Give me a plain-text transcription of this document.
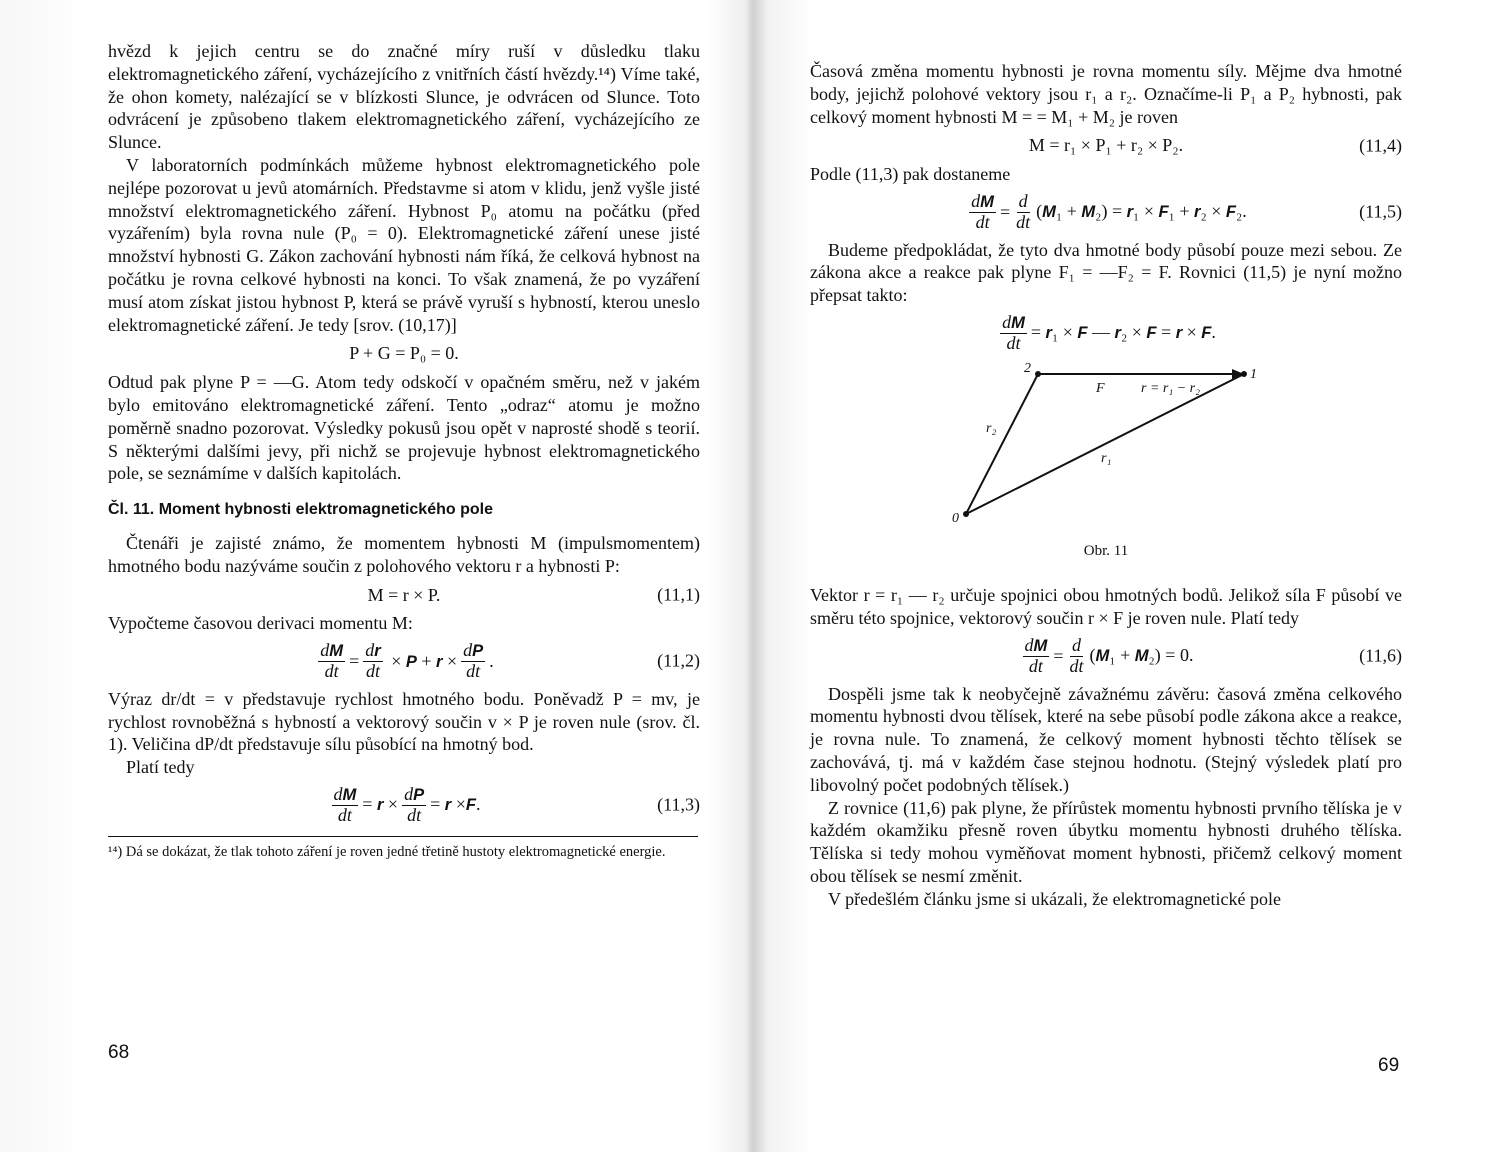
hvězd k jejich centru se do značné míry ruší v důsledku tlaku elektromagnetického záření, vycházejícího z vnitřních částí hvězdy.¹⁴) Víme také, že ohon komety, nalézající se v blízkosti Slunce, je odvrácen od Slunce. Toto odvrácení je způsobeno tlakem elektromagnetického záření, vycházejícího ze Slunce.

V laboratorních podmínkách můžeme hybnost elektromagnetického pole nejlépe pozorovat u jevů atomárních. Představme si atom v klidu, jenž vyšle jisté množství elektromagnetického záření. Hybnost P₀ atomu na počátku (před vyzářením) byla rovna nule (P₀ = 0). Elektromagnetické záření unese jisté množství hybnosti G. Zákon zachování hybnosti nám říká, že celková hybnost na počátku je rovna celkové hybnosti na konci. To však znamená, že po vyzáření musí atom získat jistou hybnost P, která se právě vyruší s hybností, kterou uneslo elektromagnetické záření. Je tedy [srov. (10,17)]

P + G = P₀ = 0.

Odtud pak plyne P = —G. Atom tedy odskočí v opačném směru, než v jakém bylo emitováno elektromagnetické záření. Tento „odraz“ atomu je možno poměrně snadno pozorovat. Výsledky pokusů jsou opět v naprosté shodě s teorií. S některými dalšími jevy, při nichž se projevuje hybnost elektromagnetického pole, se seznámíme v dalších kapitolách.

Čl. 11. Moment hybnosti elektromagnetického pole

Čtenáři je zajisté známo, že momentem hybnosti M (impulsmomentem) hmotného bodu nazýváme součin z polohového vektoru r a hybnosti P:

M = r × P.	(11,1)

Vypočteme časovou derivaci momentu M:

$\frac{dM}{dt} = \frac{dr}{dt} \times P + r \times \frac{dP}{dt}$ .	(11,2)

Výraz dr/dt = v představuje rychlost hmotného bodu. Poněvadž P = mv, je rychlost rovnoběžná s hybností a vektorový součin v × P je roven nule (srov. čl. 1). Veličina dP/dt představuje sílu působící na hmotný bod.

Platí tedy

$\frac{dM}{dt} = r \times \frac{dP}{dt} = r \times F$.	(11,3)
¹⁴) Dá se dokázat, že tlak tohoto záření je roven jedné třetině hustoty elektromagnetické energie.
68

Časová změna momentu hybnosti je rovna momentu síly. Mějme dva hmotné body, jejichž polohové vektory jsou r₁ a r₂. Označíme-li P₁ a P₂ hybnosti, pak celkový moment hybnosti M = = M₁ + M₂ je roven

M = r₁ × P₁ + r₂ × P₂.	(11,4)

Podle (11,3) pak dostaneme

$\frac{dM}{dt} = \frac{d}{dt} (M_1 + M_2) = r_1 \times F_1 + r_2 \times F_2$.	(11,5)

Budeme předpokládat, že tyto dva hmotné body působí pouze mezi sebou. Ze zákona akce a reakce pak plyne F₁ = —F₂ = F. Rovnici (11,5) je nyní možno přepsat takto:

$\frac{dM}{dt} = r_1 \times F$ — r₂ × F = r × F.
0
2	1
F	r = r₁ − r₂
r₂
r₁
Obr. 11

Vektor r = r₁ — r₂ určuje spojnici obou hmotných bodů. Jelikož síla F působí ve směru této spojnice, vektorový součin r × F je roven nule. Platí tedy

$\frac{dM}{dt} = \frac{d}{dt} (M_1 + M_2) = 0$.	(11,6)

Dospěli jsme tak k neobyčejně závažnému závěru: časová změna celkového momentu hybnosti dvou tělísek, které na sebe působí podle zákona akce a reakce, je rovna nule. To znamená, že celkový moment hybnosti těchto tělísek se zachovává, tj. má v každém čase stejnou hodnotu. (Stejný výsledek platí pro libovolný počet podobných tělísek.)

Z rovnice (11,6) pak plyne, že přírůstek momentu hybnosti prvního tělíska je v každém okamžiku přesně roven úbytku momentu hybnosti druhého tělíska. Tělíska si tedy mohou vyměňovat moment hybnosti, přičemž celkový moment obou tělísek se nesmí změnit.

V předešlém článku jsme si ukázali, že elektromagnetické pole

69
